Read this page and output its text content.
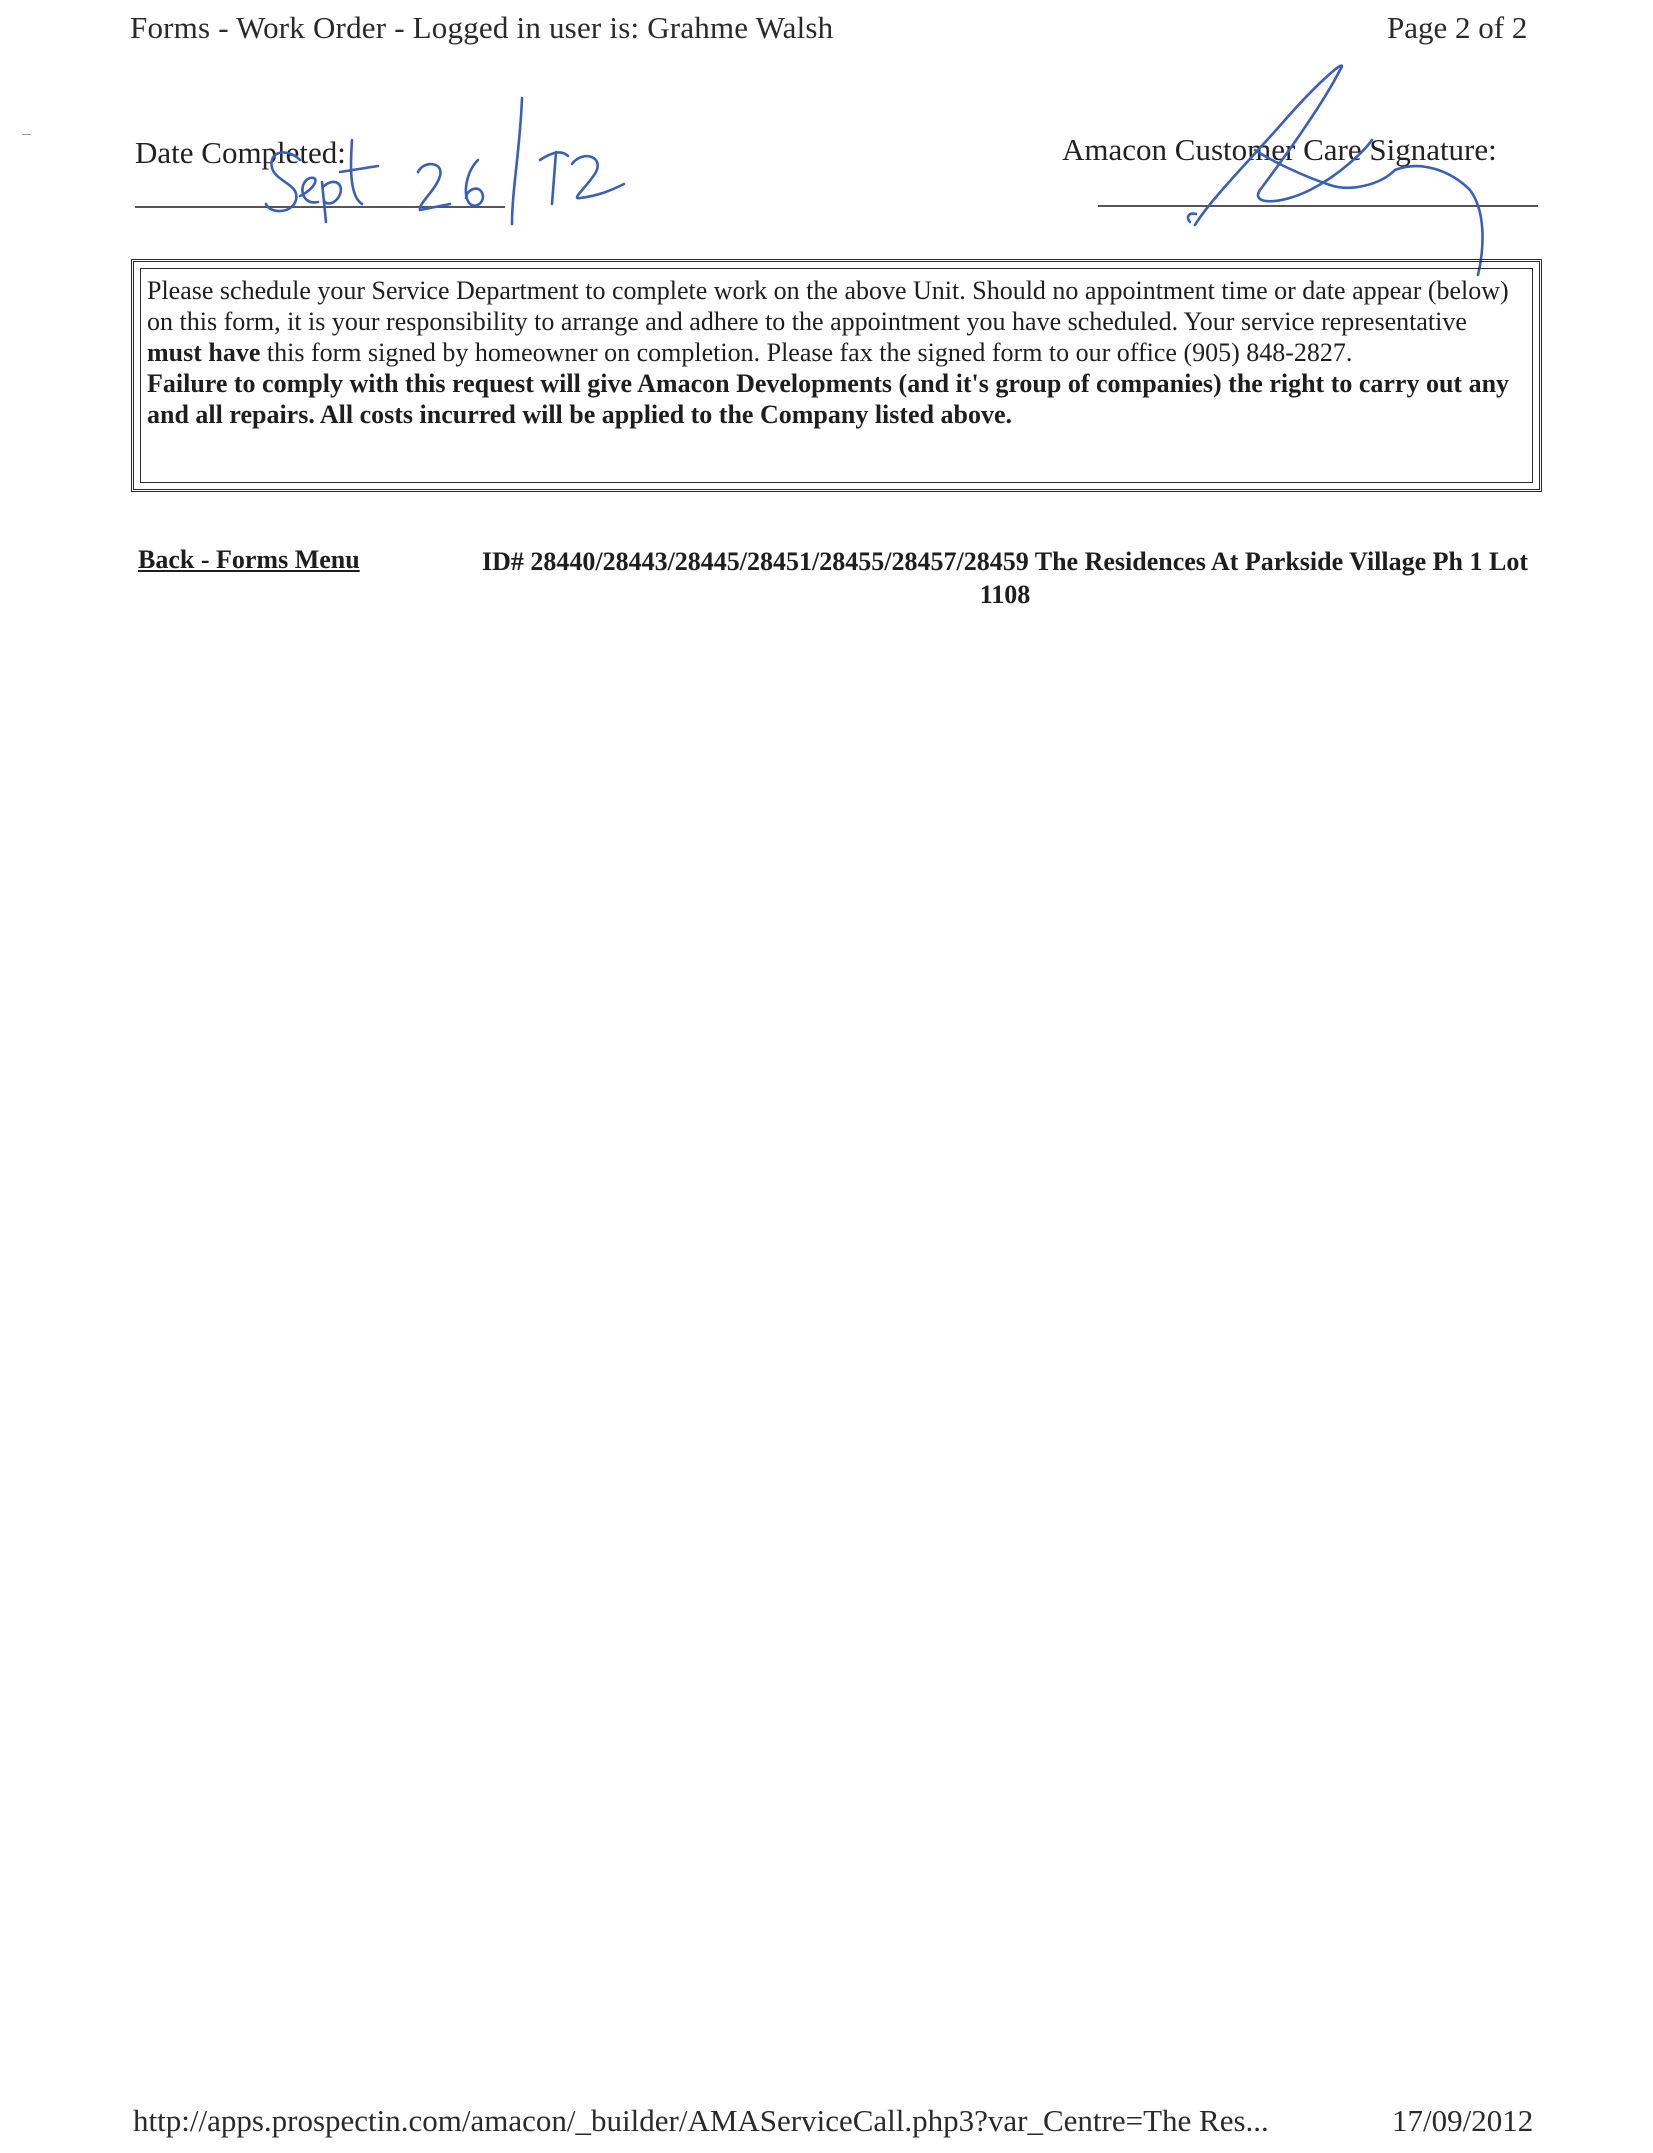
Forms - Work Order - Logged in user is: Grahme Walsh	Page 2 of 2
Date Completed:	Amacon Customer Care Signature:

Please schedule your Service Department to complete work on the above Unit. Should no appointment time or date appear (below) on this form, it is your responsibility to arrange and adhere to the appointment you have scheduled. Your service representative must have this form signed by homeowner on completion. Please fax the signed form to our office (905) 848-2827.

Failure to comply with this request will give Amacon Developments (and it's group of companies) the right to carry out any and all repairs. All costs incurred will be applied to the Company listed above.

Back - Forms Menu	ID# 28440/28443/28445/28451/28455/28457/28459 The Residences At Parkside Village Ph 1 Lot 1108
http://apps.prospectin.com/amacon/_builder/AMAServiceCall.php3?var_Centre=The Res...	17/09/2012
